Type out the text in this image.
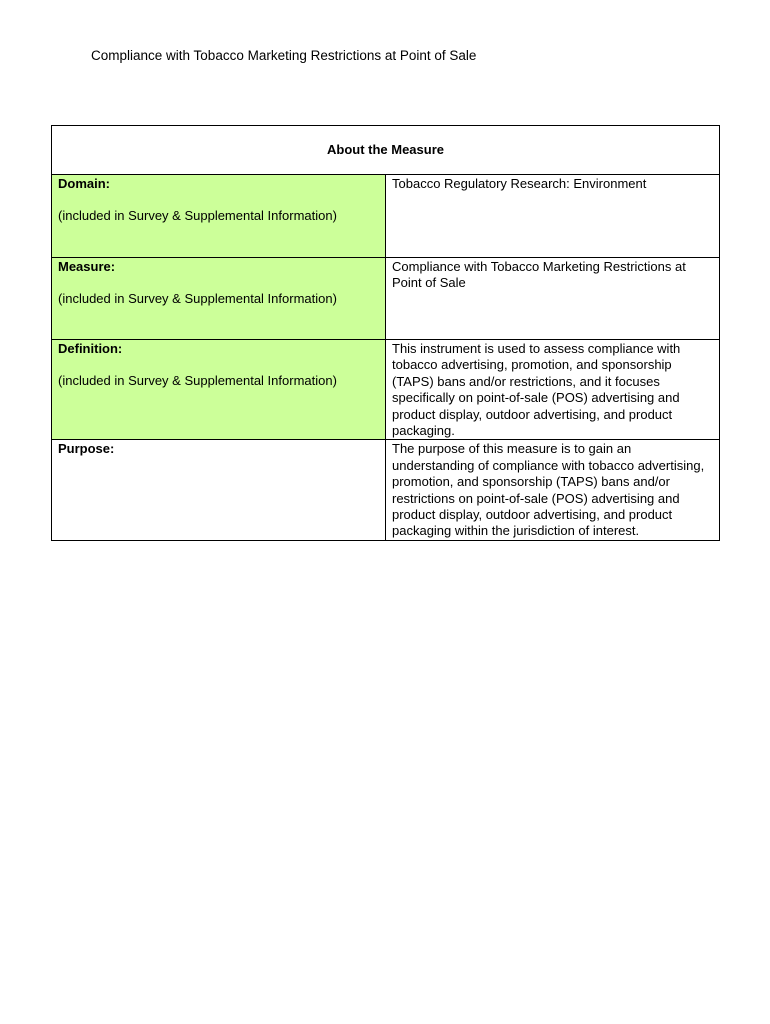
Compliance with Tobacco Marketing Restrictions at Point of Sale
About the Measure	

Domain:
(included in Survey & Supplemental Information)	Tobacco Regulatory Research: Environment

Measure:
(included in Survey & Supplemental Information)	Compliance with Tobacco Marketing Restrictions at Point of Sale

Definition:
(included in Survey & Supplemental Information)	This instrument is used to assess compliance with tobacco advertising, promotion, and sponsorship (TAPS) bans and/or restrictions, and it focuses specifically on point-of-sale (POS) advertising and product display, outdoor advertising, and product packaging.

Purpose:	The purpose of this measure is to gain an understanding of compliance with tobacco advertising, promotion, and sponsorship (TAPS) bans and/or restrictions on point-of-sale (POS) advertising and product display, outdoor advertising, and product packaging within the jurisdiction of interest.
